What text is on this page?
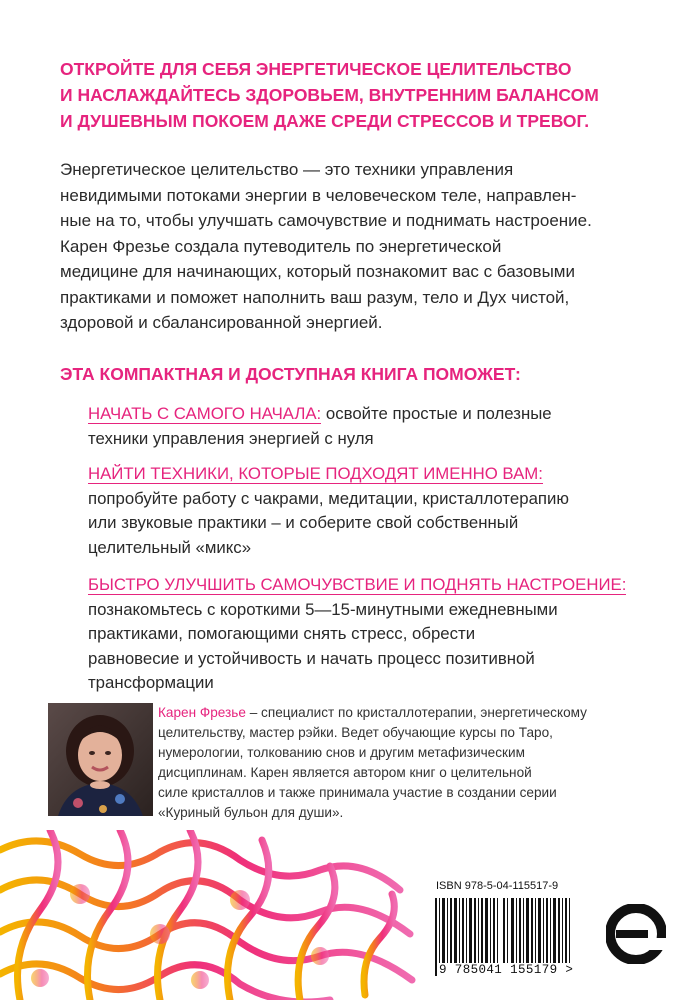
ОТКРОЙТЕ ДЛЯ СЕБЯ ЭНЕРГЕТИЧЕСКОЕ ЦЕЛИТЕЛЬСТВО
И НАСЛАЖДАЙТЕСЬ ЗДОРОВЬЕМ, ВНУТРЕННИМ БАЛАНСОМ
И ДУШЕВНЫМ ПОКОЕМ ДАЖЕ СРЕДИ СТРЕССОВ И ТРЕВОГ.
Энергетическое целительство — это техники управления
невидимыми потоками энергии в человеческом теле, направлен-
ные на то, чтобы улучшать самочувствие и поднимать настроение.
Карен Фрезье создала путеводитель по энергетической
медицине для начинающих, который познакомит вас с базовыми
практиками и поможет наполнить ваш разум, тело и Дух чистой,
здоровой и сбалансированной энергией.
ЭТА КОМПАКТНАЯ И ДОСТУПНАЯ КНИГА ПОМОЖЕТ:
НАЧАТЬ С САМОГО НАЧАЛА: освойте простые и полезные
техники управления энергией с нуля
НАЙТИ ТЕХНИКИ, КОТОРЫЕ ПОДХОДЯТ ИМЕННО ВАМ:
попробуйте работу с чакрами, медитации, кристаллотерапию
или звуковые практики – и соберите свой собственный
целительный «микс»
БЫСТРО УЛУЧШИТЬ САМОЧУВСТВИЕ И ПОДНЯТЬ НАСТРОЕНИЕ:
познакомьтесь с короткими 5—15-минутными ежедневными
практиками, помогающими снять стресс, обрести
равновесие и устойчивость и начать процесс позитивной
трансформации
Карен Фрезье – специалист по кристаллотерапии, энергетическому
целительству, мастер рэйки. Ведет обучающие курсы по Таро,
нумерологии, толкованию снов и другим метафизическим
дисциплинам. Карен является автором книг о целительной
силе кристаллов и также принимала участие в создании серии
«Куриный бульон для души».
ISBN 978-5-04-115517-9
9 785041 155179 >
